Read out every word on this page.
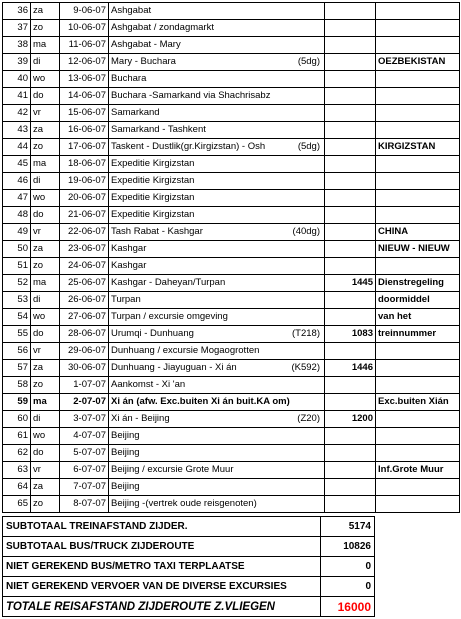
36	za	9-06-07	Ashgabat		
37	zo	10-06-07	Ashgabat / zondagmarkt		
38	ma	11-06-07	Ashgabat - Mary		
39	di	12-06-07	Mary - Buchara (5dg)		OEZBEKISTAN
40	wo	13-06-07	Buchara		
41	do	14-06-07	Buchara -Samarkand via Shachrisabz		
42	vr	15-06-07	Samarkand		
43	za	16-06-07	Samarkand - Tashkent		
44	zo	17-06-07	Taskent - Dustlik(gr.Kirgizstan) - Osh (5dg)		KIRGIZSTAN
45	ma	18-06-07	Expeditie Kirgizstan		
46	di	19-06-07	Expeditie Kirgizstan		
47	wo	20-06-07	Expeditie Kirgizstan		
48	do	21-06-07	Expeditie Kirgizstan		
49	vr	22-06-07	Tash Rabat - Kashgar (40dg)		CHINA
50	za	23-06-07	Kashgar		NIEUW - NIEUW
51	zo	24-06-07	Kashgar		
52	ma	25-06-07	Kashgar - Daheyan/Turpan	1445	Dienstregeling
53	di	26-06-07	Turpan		doormiddel
54	wo	27-06-07	Turpan / excursie omgeving		van het
55	do	28-06-07	Urumqi - Dunhuang (T218)	1083	treinnummer
56	vr	29-06-07	Dunhuang / excursie Mogaogrotten		
57	za	30-06-07	Dunhuang - Jiayuguan - Xi án (K592)	1446	
58	zo	1-07-07	Aankomst - Xi 'an		
59	ma	2-07-07	Xi án (afw. Exc.buiten Xi án buit.KA om)		Exc.buiten Xián
60	di	3-07-07	Xi án - Beijing (Z20)	1200	
61	wo	4-07-07	Beijing		
62	do	5-07-07	Beijing		
63	vr	6-07-07	Beijing / excursie Grote Muur		Inf.Grote Muur
64	za	7-07-07	Beijing		
65	zo	8-07-07	Beijing -(vertrek oude reisgenoten)		
SUBTOTAAL TREINAFSTAND ZIJDER.	5174
SUBTOTAAL BUS/TRUCK ZIJDEROUTE	10826
NIET GEREKEND BUS/METRO TAXI TERPLAATSE	0
NIET GEREKEND VERVOER VAN DE DIVERSE EXCURSIES	0
TOTALE REISAFSTAND ZIJDEROUTE Z.VLIEGEN	16000
